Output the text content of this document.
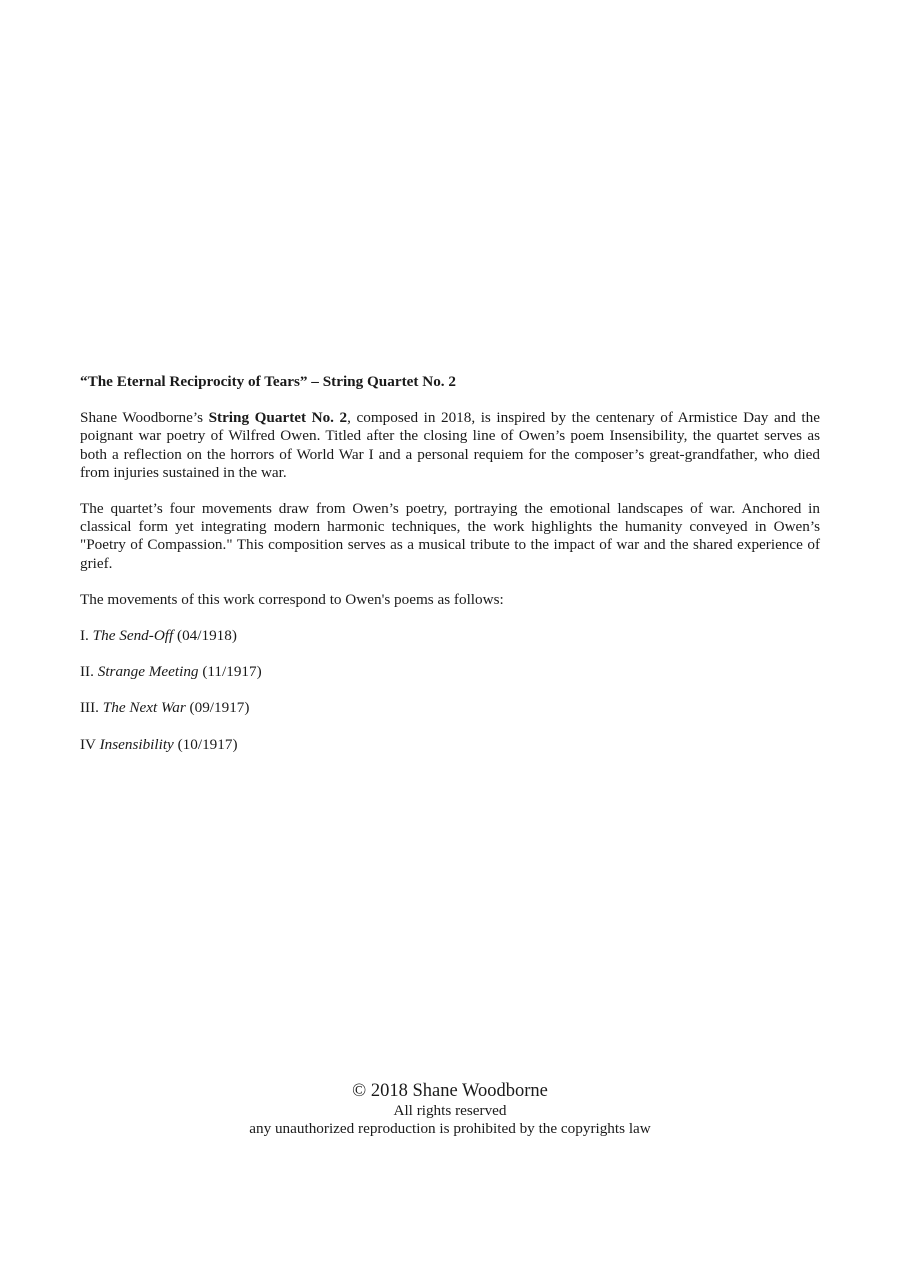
“The Eternal Reciprocity of Tears” – String Quartet No. 2

Shane Woodborne’s String Quartet No. 2, composed in 2018, is inspired by the centenary of Armistice Day and the poignant war poetry of Wilfred Owen. Titled after the closing line of Owen’s poem Insensibility, the quartet serves as both a reflection on the horrors of World War I and a personal requiem for the composer’s great-grandfather, who died from injuries sustained in the war.

The quartet’s four movements draw from Owen’s poetry, portraying the emotional landscapes of war. Anchored in classical form yet integrating modern harmonic techniques, the work highlights the humanity conveyed in Owen’s "Poetry of Compassion." This composition serves as a musical tribute to the impact of war and the shared experience of grief.

The movements of this work correspond to Owen's poems as follows:

I. The Send-Off (04/1918)

II. Strange Meeting (11/1917)

III. The Next War (09/1917)

IV Insensibility (10/1917)

© 2018 Shane Woodborne
All rights reserved
any unauthorized reproduction is prohibited by the copyrights law
